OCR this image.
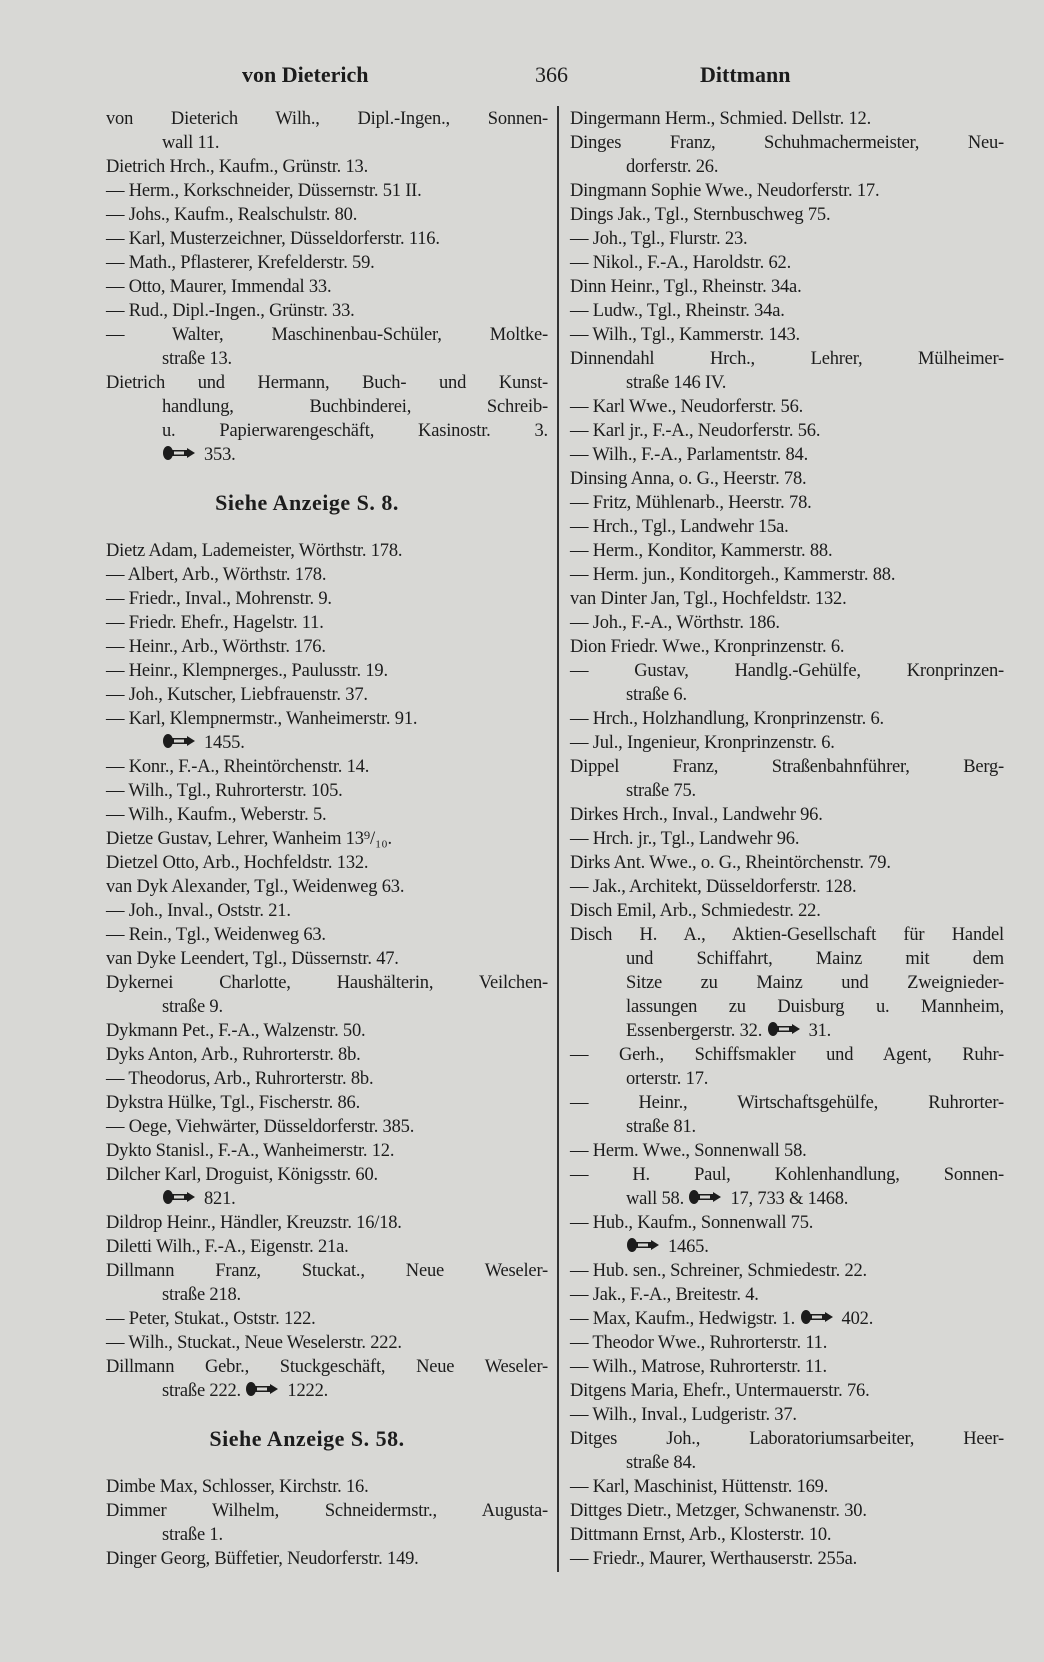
von Dieterich	366	Dittmann
von Dieterich Wilh., Dipl.-Ingen., Sonnen-
wall 11.
Dietrich Hrch., Kaufm., Grünstr. 13.
— Herm., Korkschneider, Düssernstr. 51 II.
— Johs., Kaufm., Realschulstr. 80.
— Karl, Musterzeichner, Düsseldorferstr. 116.
— Math., Pflasterer, Krefelderstr. 59.
— Otto, Maurer, Immendal 33.
— Rud., Dipl.-Ingen., Grünstr. 33.
— Walter, Maschinenbau-Schüler, Moltke-
straße 13.
Dietrich und Hermann, Buch- und Kunst-
handlung, Buchbinderei, Schreib-
u. Papierwarengeschäft, Kasinostr. 3.
353.
Siehe Anzeige S. 8.
Dietz Adam, Lademeister, Wörthstr. 178.
— Albert, Arb., Wörthstr. 178.
— Friedr., Inval., Mohrenstr. 9.
— Friedr. Ehefr., Hagelstr. 11.
— Heinr., Arb., Wörthstr. 176.
— Heinr., Klempnerges., Paulusstr. 19.
— Joh., Kutscher, Liebfrauenstr. 37.
— Karl, Klempnermstr., Wanheimerstr. 91.
1455.
— Konr., F.-A., Rheintörchenstr. 14.
— Wilh., Tgl., Ruhrorterstr. 105.
— Wilh., Kaufm., Weberstr. 5.
Dietze Gustav, Lehrer, Wanheim 13⁹/₁₀.
Dietzel Otto, Arb., Hochfeldstr. 132.
van Dyk Alexander, Tgl., Weidenweg 63.
— Joh., Inval., Oststr. 21.
— Rein., Tgl., Weidenweg 63.
van Dyke Leendert, Tgl., Düssernstr. 47.
Dykernei Charlotte, Haushälterin, Veilchen-
straße 9.
Dykmann Pet., F.-A., Walzenstr. 50.
Dyks Anton, Arb., Ruhrorterstr. 8b.
— Theodorus, Arb., Ruhrorterstr. 8b.
Dykstra Hülke, Tgl., Fischerstr. 86.
— Oege, Viehwärter, Düsseldorferstr. 385.
Dykto Stanisl., F.-A., Wanheimerstr. 12.
Dilcher Karl, Droguist, Königsstr. 60.
821.
Dildrop Heinr., Händler, Kreuzstr. 16/18.
Diletti Wilh., F.-A., Eigenstr. 21a.
Dillmann Franz, Stuckat., Neue Weseler-
straße 218.
— Peter, Stukat., Oststr. 122.
— Wilh., Stuckat., Neue Weselerstr. 222.
Dillmann Gebr., Stuckgeschäft, Neue Weseler-
straße 222.	1222.
Siehe Anzeige S. 58.
Dimbe Max, Schlosser, Kirchstr. 16.
Dimmer Wilhelm, Schneidermstr., Augusta-
straße 1.
Dinger Georg, Büffetier, Neudorferstr. 149.
Dingermann Herm., Schmied. Dellstr. 12.
Dinges Franz, Schuhmachermeister, Neu-
dorferstr. 26.
Dingmann Sophie Wwe., Neudorferstr. 17.
Dings Jak., Tgl., Sternbuschweg 75.
— Joh., Tgl., Flurstr. 23.
— Nikol., F.-A., Haroldstr. 62.
Dinn Heinr., Tgl., Rheinstr. 34a.
— Ludw., Tgl., Rheinstr. 34a.
— Wilh., Tgl., Kammerstr. 143.
Dinnendahl Hrch., Lehrer, Mülheimer-
straße 146 IV.
— Karl Wwe., Neudorferstr. 56.
— Karl jr., F.-A., Neudorferstr. 56.
— Wilh., F.-A., Parlamentstr. 84.
Dinsing Anna, o. G., Heerstr. 78.
— Fritz, Mühlenarb., Heerstr. 78.
— Hrch., Tgl., Landwehr 15a.
— Herm., Konditor, Kammerstr. 88.
— Herm. jun., Konditorgeh., Kammerstr. 88.
van Dinter Jan, Tgl., Hochfeldstr. 132.
— Joh., F.-A., Wörthstr. 186.
Dion Friedr. Wwe., Kronprinzenstr. 6.
— Gustav, Handlg.-Gehülfe, Kronprinzen-
straße 6.
— Hrch., Holzhandlung, Kronprinzenstr. 6.
— Jul., Ingenieur, Kronprinzenstr. 6.
Dippel Franz, Straßenbahnführer, Berg-
straße 75.
Dirkes Hrch., Inval., Landwehr 96.
— Hrch. jr., Tgl., Landwehr 96.
Dirks Ant. Wwe., o. G., Rheintörchenstr. 79.
— Jak., Architekt, Düsseldorferstr. 128.
Disch Emil, Arb., Schmiedestr. 22.
Disch H. A., Aktien-Gesellschaft für Handel
und Schiffahrt, Mainz mit dem
Sitze zu Mainz und Zweignieder-
lassungen zu Duisburg u. Mannheim,
Essenbergerstr. 32.	31.
— Gerh., Schiffsmakler und Agent, Ruhr-
orterstr. 17.
— Heinr., Wirtschaftsgehülfe, Ruhrorter-
straße 81.
— Herm. Wwe., Sonnenwall 58.
— H. Paul, Kohlenhandlung, Sonnen-
wall 58.	17, 733 & 1468.
— Hub., Kaufm., Sonnenwall 75.
1465.
— Hub. sen., Schreiner, Schmiedestr. 22.
— Jak., F.-A., Breitestr. 4.
— Max, Kaufm., Hedwigstr. 1.	402.
— Theodor Wwe., Ruhrorterstr. 11.
— Wilh., Matrose, Ruhrorterstr. 11.
Ditgens Maria, Ehefr., Untermauerstr. 76.
— Wilh., Inval., Ludgeristr. 37.
Ditges Joh., Laboratoriumsarbeiter, Heer-
straße 84.
— Karl, Maschinist, Hüttenstr. 169.
Dittges Dietr., Metzger, Schwanenstr. 30.
Dittmann Ernst, Arb., Klosterstr. 10.
— Friedr., Maurer, Werthauserstr. 255a.
